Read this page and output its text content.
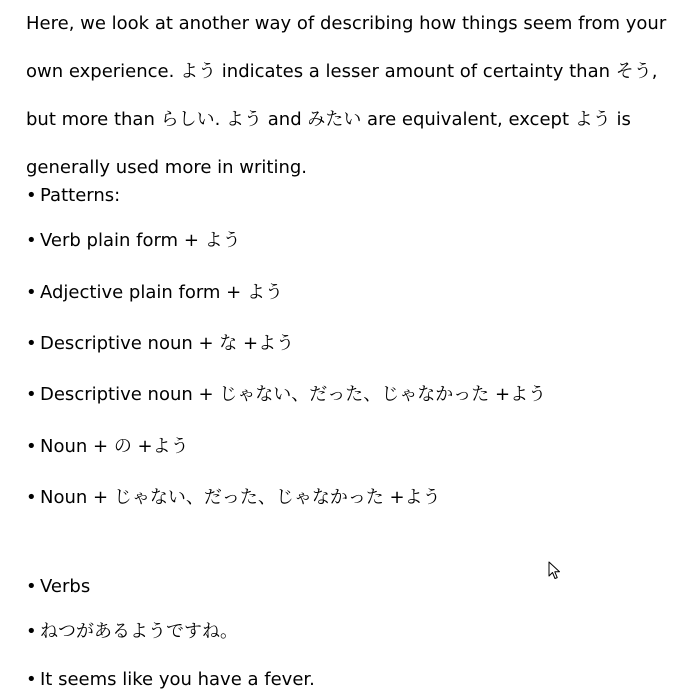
Here, we look at another way of describing how things seem from your own experience. よう indicates a lesser amount of certainty than そう, but more than らしい. よう and みたい are equivalent, except よう is generally used more in writing.

• Patterns:
• Verb plain form + よう
• Adjective plain form + よう
• Descriptive noun + な +よう
• Descriptive noun + じゃない、だった、じゃなかった +よう
• Noun + の +よう
• Noun + じゃない、だった、じゃなかった +よう
• Verbs
• ねつがあるようですね。
• It seems like you have a fever.
